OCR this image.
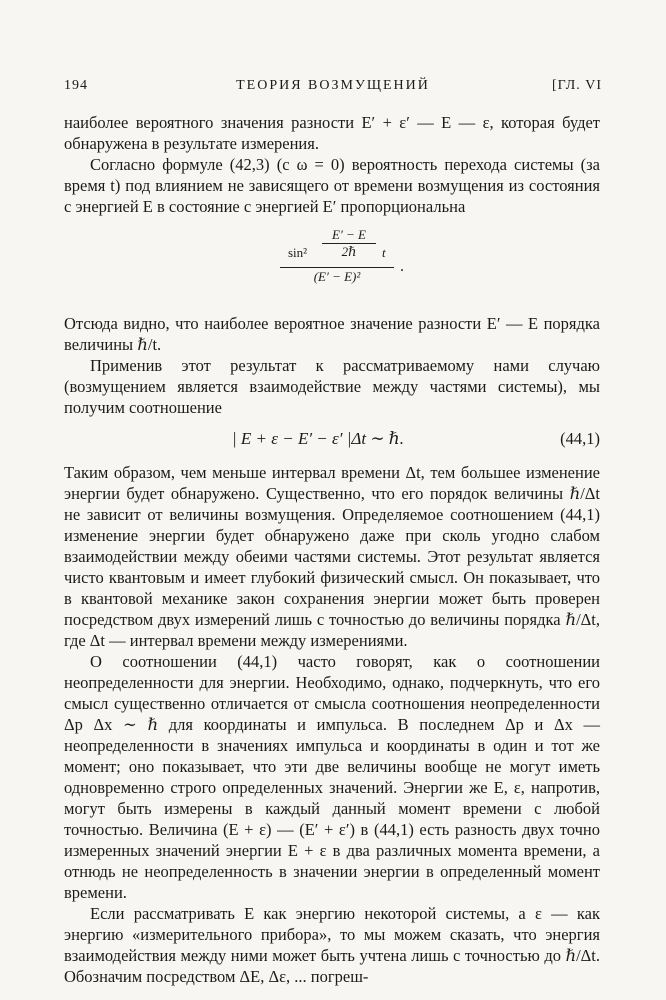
194	ТЕОРИЯ ВОЗМУЩЕНИЙ	[ГЛ. VI

наиболее вероятного значения разности E′ + ε′ — E — ε, которая будет обнаружена в результате измерения.

Согласно формуле (42,3) (с ω = 0) вероятность перехода системы (за время t) под влиянием не зависящего от времени возмущения из состояния с энергией E в состояние с энергией E′ пропорциональна

sin²
E′ − E
2ℏ	t
(E′ − E)²
.

Отсюда видно, что наиболее вероятное значение разности E′ — E порядка величины ℏ/t.

Применив этот результат к рассматриваемому нами случаю (возмущением является взаимодействие между частями системы), мы получим соотношение

| E + ε − E′ − ε′ |Δt ∼ ℏ.	(44,1)

Таким образом, чем меньше интервал времени Δt, тем большее изменение энергии будет обнаружено. Существенно, что его порядок величины ℏ/Δt не зависит от величины возмущения. Определяемое соотношением (44,1) изменение энергии будет обнаружено даже при сколь угодно слабом взаимодействии между обеими частями системы. Этот результат является чисто квантовым и имеет глубокий физический смысл. Он показывает, что в квантовой механике закон сохранения энергии может быть проверен посредством двух измерений лишь с точностью до величины порядка ℏ/Δt, где Δt — интервал времени между измерениями.

О соотношении (44,1) часто говорят, как о соотношении неопределенности для энергии. Необходимо, однако, подчеркнуть, что его смысл существенно отличается от смысла соотношения неопределенности Δp Δx ∼ ℏ для координаты и импульса. В последнем Δp и Δx — неопределенности в значениях импульса и координаты в один и тот же момент; оно показывает, что эти две величины вообще не могут иметь одновременно строго определенных значений. Энергии же E, ε, напротив, могут быть измерены в каждый данный момент времени с любой точностью. Величина (E + ε) — (E′ + ε′) в (44,1) есть разность двух точно измеренных значений энергии E + ε в два различных момента времени, а отнюдь не неопределенность в значении энергии в определенный момент времени.

Если рассматривать E как энергию некоторой системы, а ε — как энергию «измерительного прибора», то мы можем сказать, что энергия взаимодействия между ними может быть учтена лишь с точностью до ℏ/Δt. Обозначим посредством ΔE, Δε, ... погреш-
